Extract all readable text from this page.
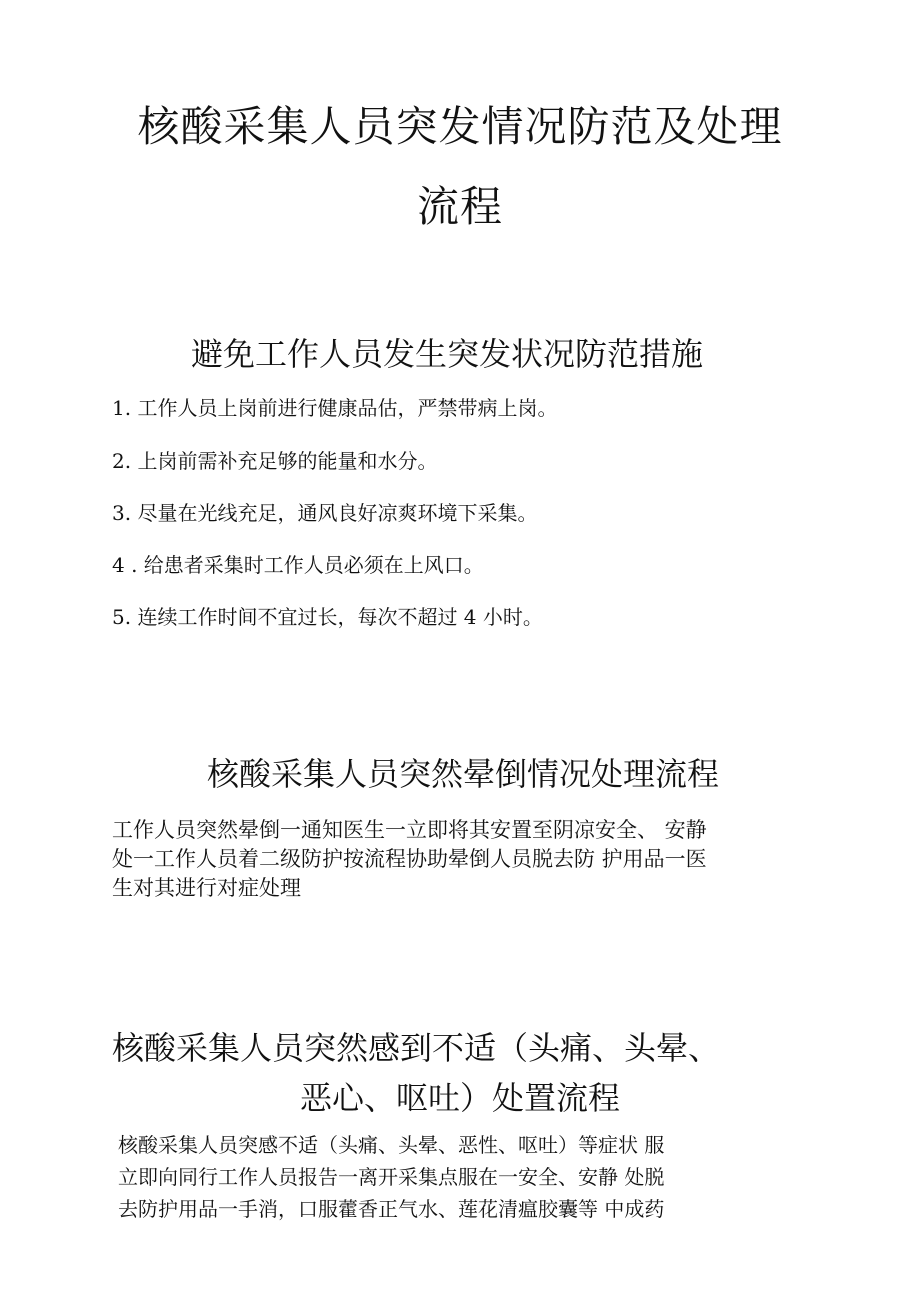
核酸采集人员突发情况防范及处理
流程
避免工作人员发生突发状况防范措施

1. 工作人员上岗前进行健康品估，严禁带病上岗。

2. 上岗前需补充足够的能量和水分。

3. 尽量在光线充足，通风良好凉爽环境下采集。

4 . 给患者采集时工作人员必须在上风口。

5. 连续工作时间不宜过长，每次不超过 4 小时。

核酸采集人员突然晕倒情况处理流程
工作人员突然晕倒一通知医生一立即将其安置至阴凉安全、 安静
处一工作人员着二级防护按流程协助晕倒人员脱去防 护用品一医
生对其进行对症处理
核酸采集人员突然感到不适（头痛、头晕、
恶心、呕吐）处置流程
核酸采集人员突感不适（头痛、头晕、恶性、呕吐）等症状 服
立即向同行工作人员报告一离开采集点服在一安全、安静 处脱
去防护用品一手消，口服藿香正气水、莲花清瘟胶囊等 中成药
